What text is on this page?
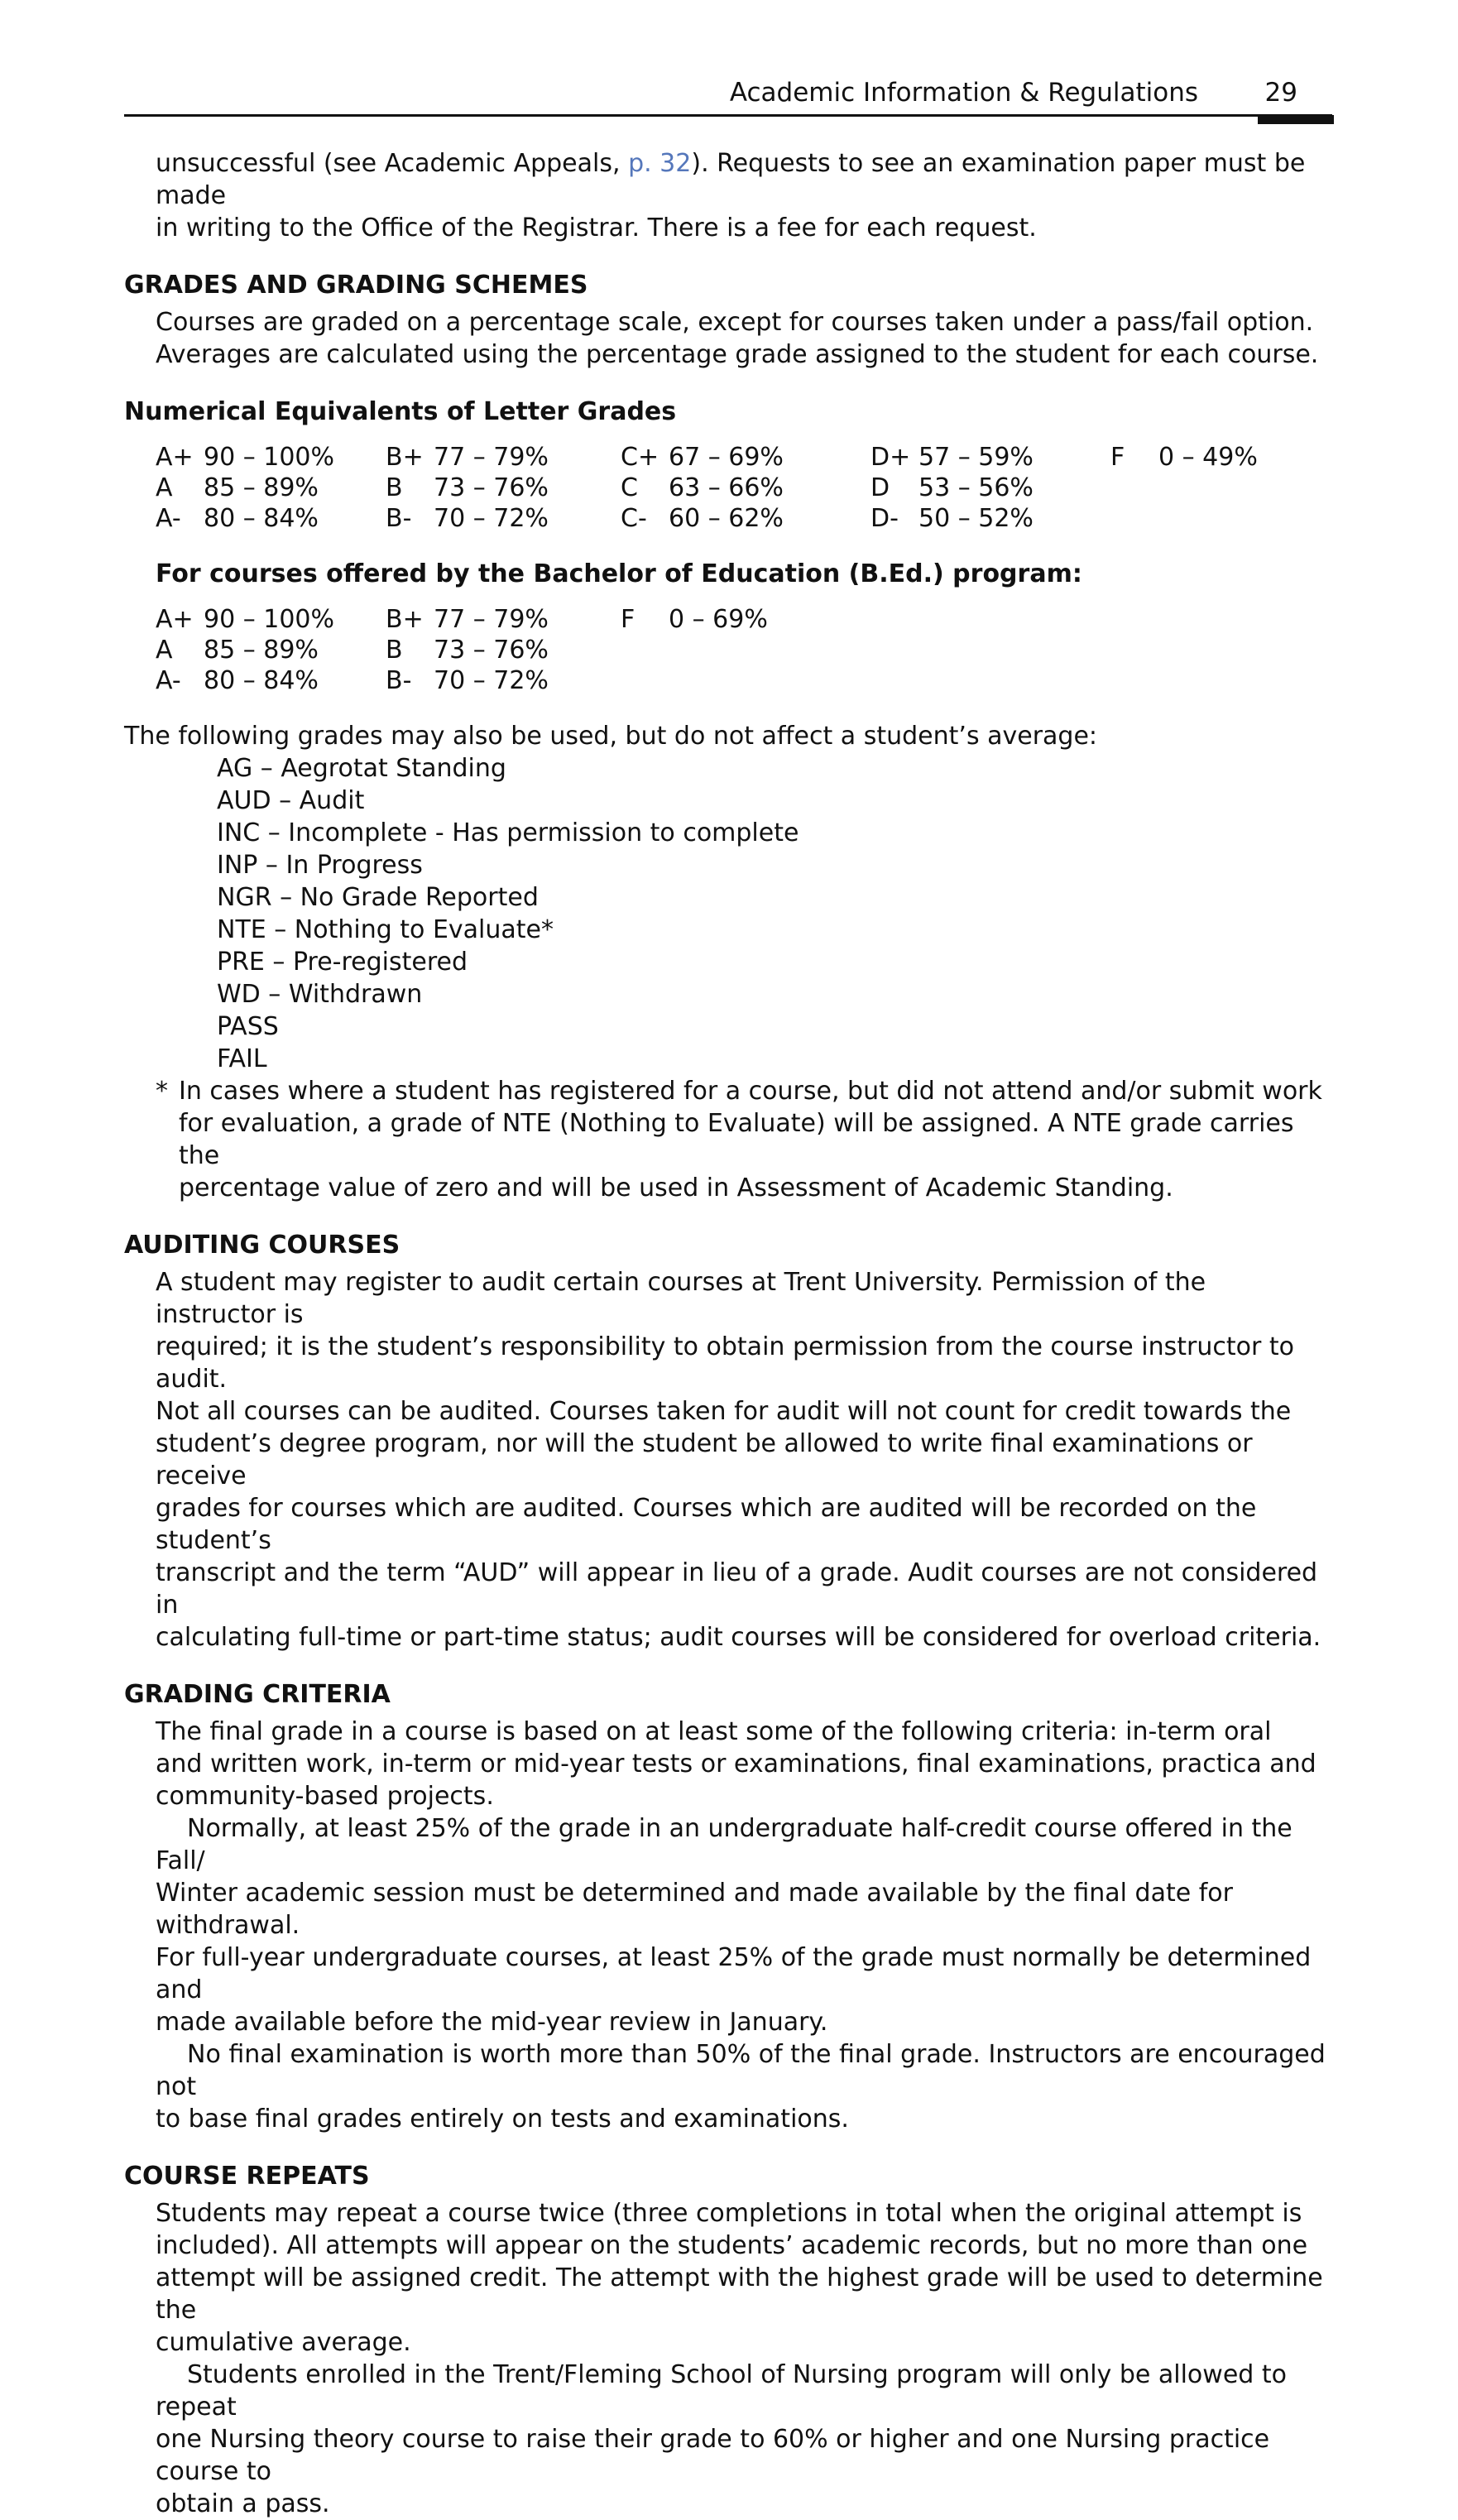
Academic Information & Regulations	29

unsuccessful (see Academic Appeals, p. 32). Requests to see an examination paper must be made

in writing to the Office of the Registrar. There is a fee for each request.

GRADES AND GRADING SCHEMES

Courses are graded on a percentage scale, except for courses taken under a pass/fail option.

Averages are calculated using the percentage grade assigned to the student for each course.

Numerical Equivalents of Letter Grades

A+ 90 – 100% B+ 77 – 79%	C+ 67 – 69%	D+ 57 – 59%	F	0 – 49%
A	85 – 89%	B	73 – 76%	C	63 – 66%	D	53 – 56%
A- 80 – 84%	B- 70 – 72%	C- 60 – 62%	D- 50 – 52%

For courses offered by the Bachelor of Education (B.Ed.) program:

A+ 90 – 100% B+ 77 – 79%	F	0 – 69%
A	85 – 89%	B	73 – 76%
A- 80 – 84%	B- 70 – 72%

The following grades may also be used, but do not affect a student’s average:

AG – Aegrotat Standing

AUD – Audit

INC – Incomplete - Has permission to complete

INP – In Progress

NGR – No Grade Reported

NTE – Nothing to Evaluate*

PRE – Pre-registered

WD – Withdrawn

PASS

FAIL

* In cases where a student has registered for a course, but did not attend and/or submit work

for evaluation, a grade of NTE (Nothing to Evaluate) will be assigned. A NTE grade carries the

percentage value of zero and will be used in Assessment of Academic Standing.

AUDITING COURSES

A student may register to audit certain courses at Trent University. Permission of the instructor is

required; it is the student’s responsibility to obtain permission from the course instructor to audit.

Not all courses can be audited. Courses taken for audit will not count for credit towards the

student’s degree program, nor will the student be allowed to write final examinations or receive

grades for courses which are audited. Courses which are audited will be recorded on the student’s

transcript and the term “AUD” will appear in lieu of a grade. Audit courses are not considered in

calculating full-time or part-time status; audit courses will be considered for overload criteria.

GRADING CRITERIA

The final grade in a course is based on at least some of the following criteria: in-term oral

and written work, in-term or mid-year tests or examinations, final examinations, practica and

community-based projects.

Normally, at least 25% of the grade in an undergraduate half-credit course offered in the Fall/

Winter academic session must be determined and made available by the final date for withdrawal.

For full-year undergraduate courses, at least 25% of the grade must normally be determined and

made available before the mid-year review in January.

No final examination is worth more than 50% of the final grade. Instructors are encouraged not

to base final grades entirely on tests and examinations.

COURSE REPEATS

Students may repeat a course twice (three completions in total when the original attempt is

included). All attempts will appear on the students’ academic records, but no more than one

attempt will be assigned credit. The attempt with the highest grade will be used to determine the

cumulative average.

Students enrolled in the Trent/Fleming School of Nursing program will only be allowed to repeat

one Nursing theory course to raise their grade to 60% or higher and one Nursing practice course to

obtain a pass.
